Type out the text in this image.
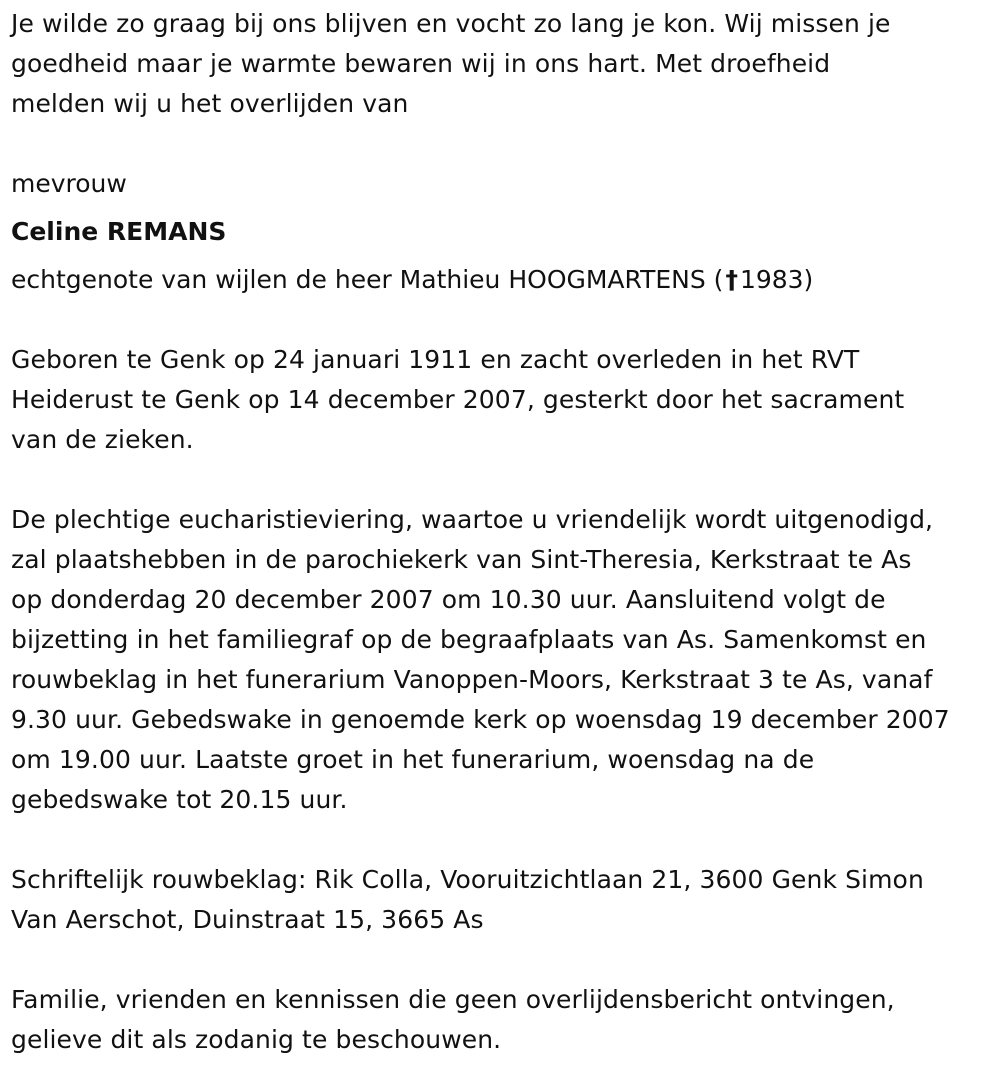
Je wilde zo graag bij ons blijven en vocht zo lang je kon. Wij missen je
goedheid maar je warmte bewaren wij in ons hart. Met droefheid
melden wij u het overlijden van

mevrouw

Celine REMANS

echtgenote van wijlen de heer Mathieu HOOGMARTENS (†1983)

Geboren te Genk op 24 januari 1911 en zacht overleden in het RVT
Heiderust te Genk op 14 december 2007, gesterkt door het sacrament
van de zieken.

De plechtige eucharistieviering, waartoe u vriendelijk wordt uitgenodigd,
zal plaatshebben in de parochiekerk van Sint-Theresia, Kerkstraat te As
op donderdag 20 december 2007 om 10.30 uur. Aansluitend volgt de
bijzetting in het familiegraf op de begraafplaats van As. Samenkomst en
rouwbeklag in het funerarium Vanoppen-Moors, Kerkstraat 3 te As, vanaf
9.30 uur. Gebedswake in genoemde kerk op woensdag 19 december 2007
om 19.00 uur. Laatste groet in het funerarium, woensdag na de
gebedswake tot 20.15 uur.

Schriftelijk rouwbeklag: Rik Colla, Vooruitzichtlaan 21, 3600 Genk Simon
Van Aerschot, Duinstraat 15, 3665 As

Familie, vrienden en kennissen die geen overlijdensbericht ontvingen,
gelieve dit als zodanig te beschouwen.
